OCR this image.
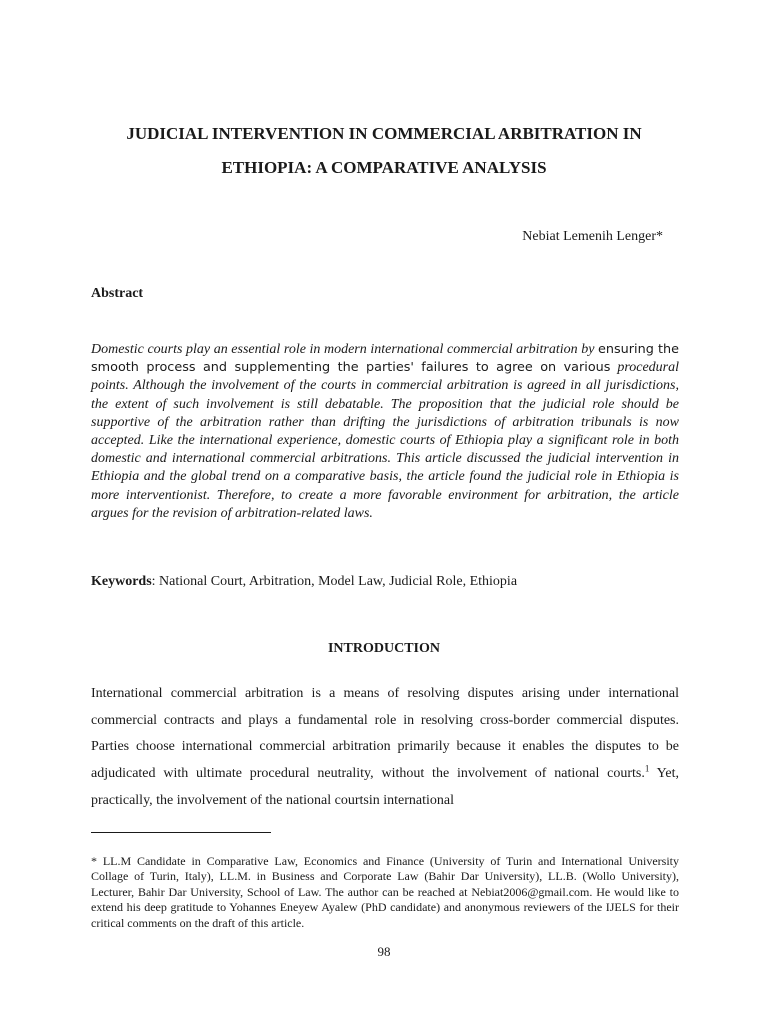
JUDICIAL INTERVENTION IN COMMERCIAL ARBITRATION IN
ETHIOPIA: A COMPARATIVE ANALYSIS
Nebiat Lemenih Lenger*
Abstract

Domestic courts play an essential role in modern international commercial arbitration by ensuring the smooth process and supplementing the parties' failures to agree on various procedural points. Although the involvement of the courts in commercial arbitration is agreed in all jurisdictions, the extent of such involvement is still debatable. The proposition that the judicial role should be supportive of the arbitration rather than drifting the jurisdictions of arbitration tribunals is now accepted. Like the international experience, domestic courts of Ethiopia play a significant role in both domestic and international commercial arbitrations. This article discussed the judicial intervention in Ethiopia and the global trend on a comparative basis, the article found the judicial role in Ethiopia is more interventionist. Therefore, to create a more favorable environment for arbitration, the article argues for the revision of arbitration-related laws.

Keywords: National Court, Arbitration, Model Law, Judicial Role, Ethiopia
INTRODUCTION

International commercial arbitration is a means of resolving disputes arising under international commercial contracts and plays a fundamental role in resolving cross-border commercial disputes. Parties choose international commercial arbitration primarily because it enables the disputes to be adjudicated with ultimate procedural neutrality, without the involvement of national courts.$^1$ Yet, practically, the involvement of the national courtsin international

* LL.M Candidate in Comparative Law, Economics and Finance (University of Turin and International University Collage of Turin, Italy), LL.M. in Business and Corporate Law (Bahir Dar University), LL.B. (Wollo University), Lecturer, Bahir Dar University, School of Law. The author can be reached at Nebiat2006@gmail.com. He would like to extend his deep gratitude to Yohannes Eneyew Ayalew (PhD candidate) and anonymous reviewers of the IJELS for their critical comments on the draft of this article.

98
